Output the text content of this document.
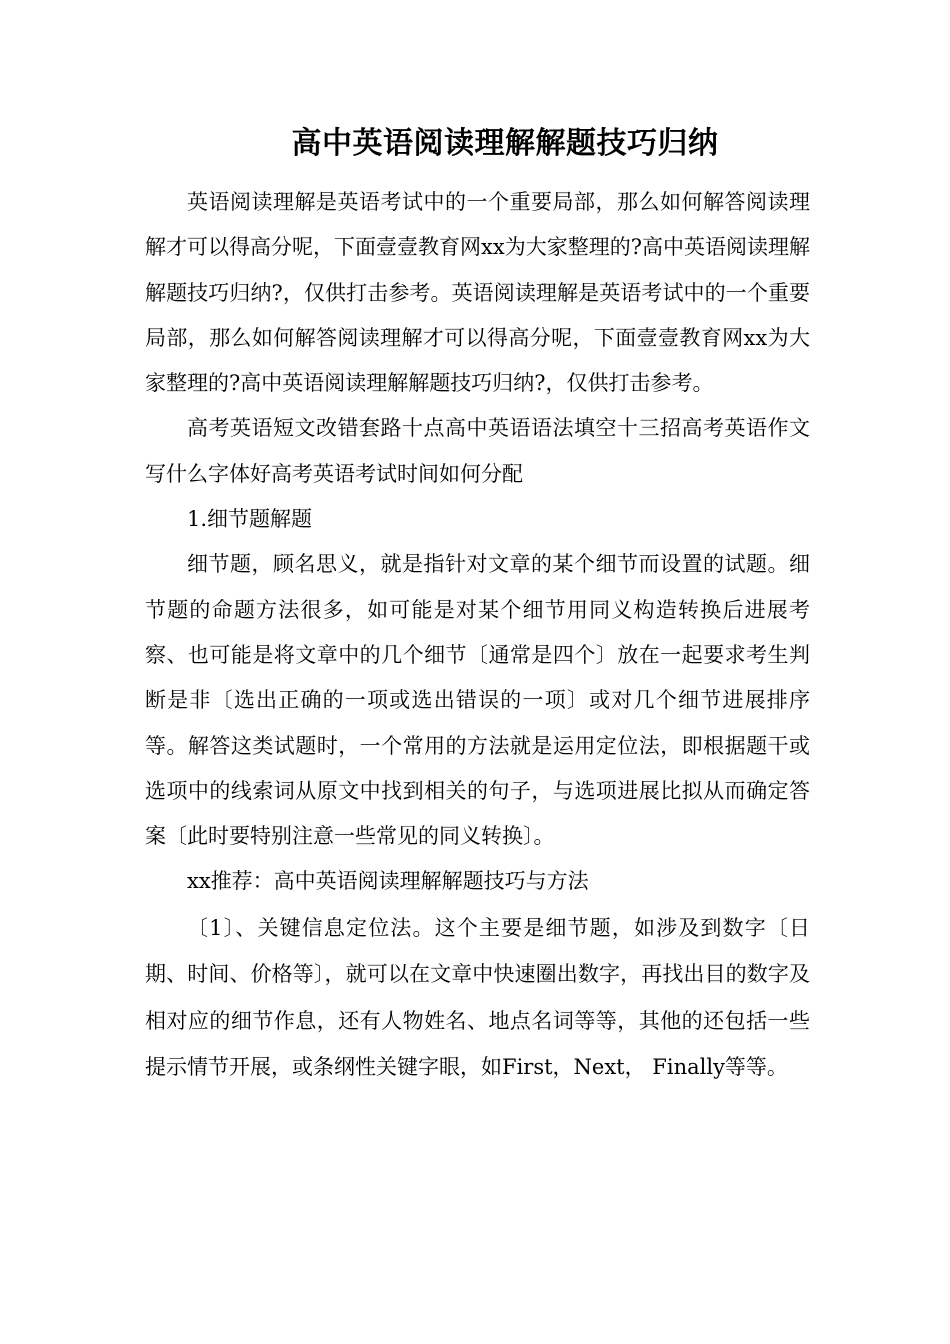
高中英语阅读理解解题技巧归纳

英语阅读理解是英语考试中的一个重要局部，那么如何解答阅读理解才可以得高分呢，下面壹壹教育网xx为大家整理的?高中英语阅读理解解题技巧归纳?，仅供打击参考。英语阅读理解是英语考试中的一个重要局部，那么如何解答阅读理解才可以得高分呢，下面壹壹教育网xx为大家整理的?高中英语阅读理解解题技巧归纳?，仅供打击参考。

高考英语短文改错套路十点高中英语语法填空十三招高考英语作文写什么字体好高考英语考试时间如何分配

1.细节题解题

细节题，顾名思义，就是指针对文章的某个细节而设置的试题。细节题的命题方法很多，如可能是对某个细节用同义构造转换后进展考察、也可能是将文章中的几个细节〔通常是四个〕放在一起要求考生判断是非〔选出正确的一项或选出错误的一项〕或对几个细节进展排序等。解答这类试题时，一个常用的方法就是运用定位法，即根据题干或选项中的线索词从原文中找到相关的句子，与选项进展比拟从而确定答案〔此时要特别注意一些常见的同义转换〕。

xx推荐：高中英语阅读理解解题技巧与方法

〔1〕、关键信息定位法。这个主要是细节题，如涉及到数字〔日期、时间、价格等〕，就可以在文章中快速圈出数字，再找出目的数字及相对应的细节作息，还有人物姓名、地点名词等等，其他的还包括一些提示情节开展，或条纲性关键字眼，如First，Next， Finally等等。
